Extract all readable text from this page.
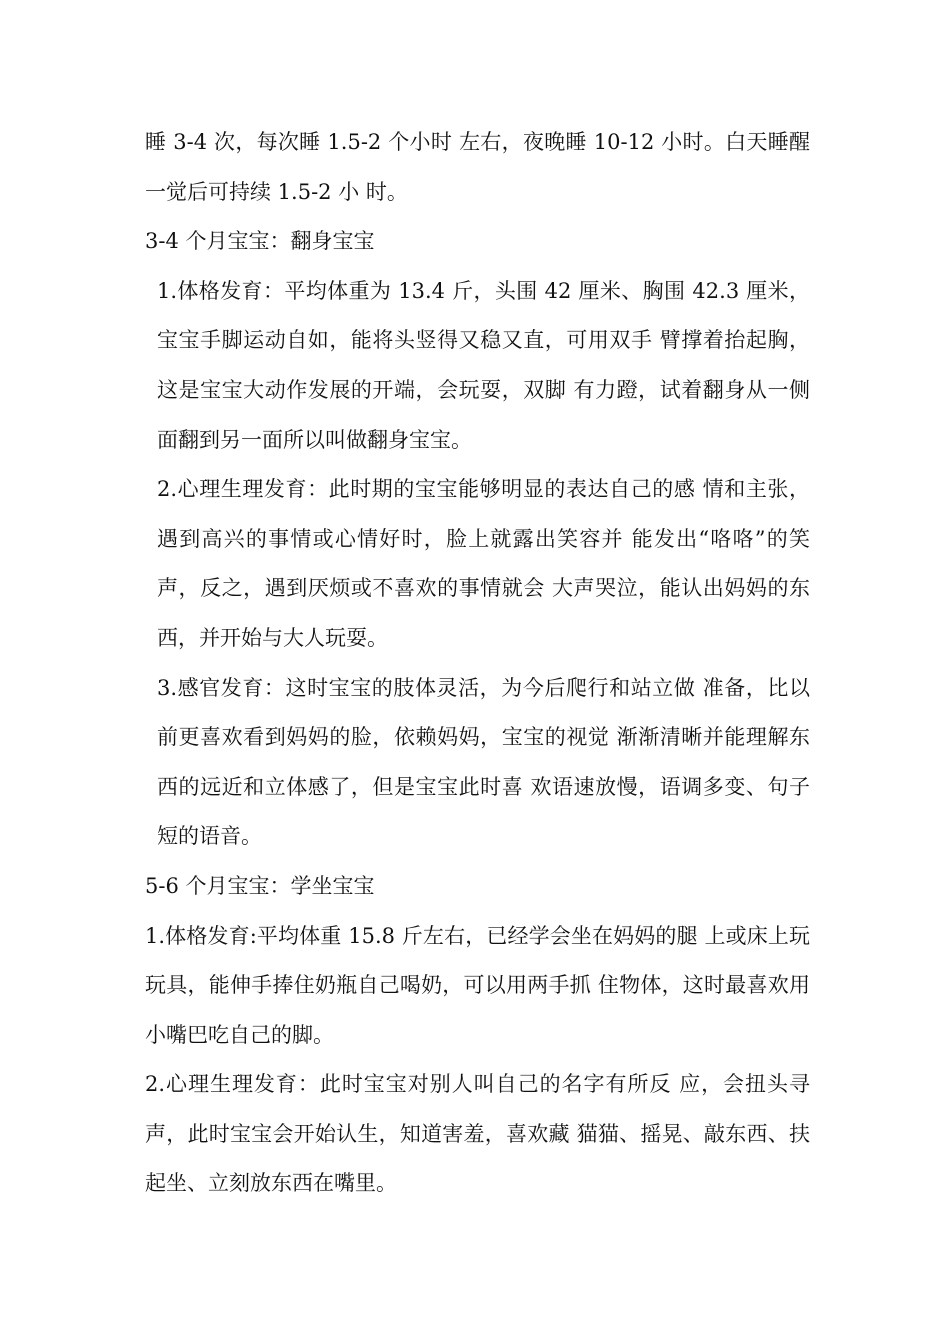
睡 3-4 次，每次睡 1.5-2 个小时 左右，夜晚睡 10-12 小时。白天睡醒一觉后可持续 1.5-2 小 时。

3-4 个月宝宝：翻身宝宝

1.体格发育：平均体重为 13.4 斤，头围 42 厘米、胸围 42.3 厘米，宝宝手脚运动自如，能将头竖得又稳又直，可用双手 臂撑着抬起胸，这是宝宝大动作发展的开端，会玩耍，双脚 有力蹬，试着翻身从一侧面翻到另一面所以叫做翻身宝宝。

2.心理生理发育：此时期的宝宝能够明显的表达自己的感 情和主张，遇到高兴的事情或心情好时，脸上就露出笑容并 能发出“咯咯”的笑声，反之，遇到厌烦或不喜欢的事情就会 大声哭泣，能认出妈妈的东西，并开始与大人玩耍。

3.感官发育：这时宝宝的肢体灵活，为今后爬行和站立做 准备，比以前更喜欢看到妈妈的脸，依赖妈妈，宝宝的视觉 渐渐清晰并能理解东西的远近和立体感了，但是宝宝此时喜 欢语速放慢，语调多变、句子短的语音。

5-6 个月宝宝：学坐宝宝

1.体格发育:平均体重 15.8 斤左右，已经学会坐在妈妈的腿 上或床上玩玩具，能伸手捧住奶瓶自己喝奶，可以用两手抓 住物体，这时最喜欢用小嘴巴吃自己的脚。

2.心理生理发育：此时宝宝对别人叫自己的名字有所反 应，会扭头寻声，此时宝宝会开始认生，知道害羞，喜欢藏 猫猫、摇晃、敲东西、扶起坐、立刻放东西在嘴里。
